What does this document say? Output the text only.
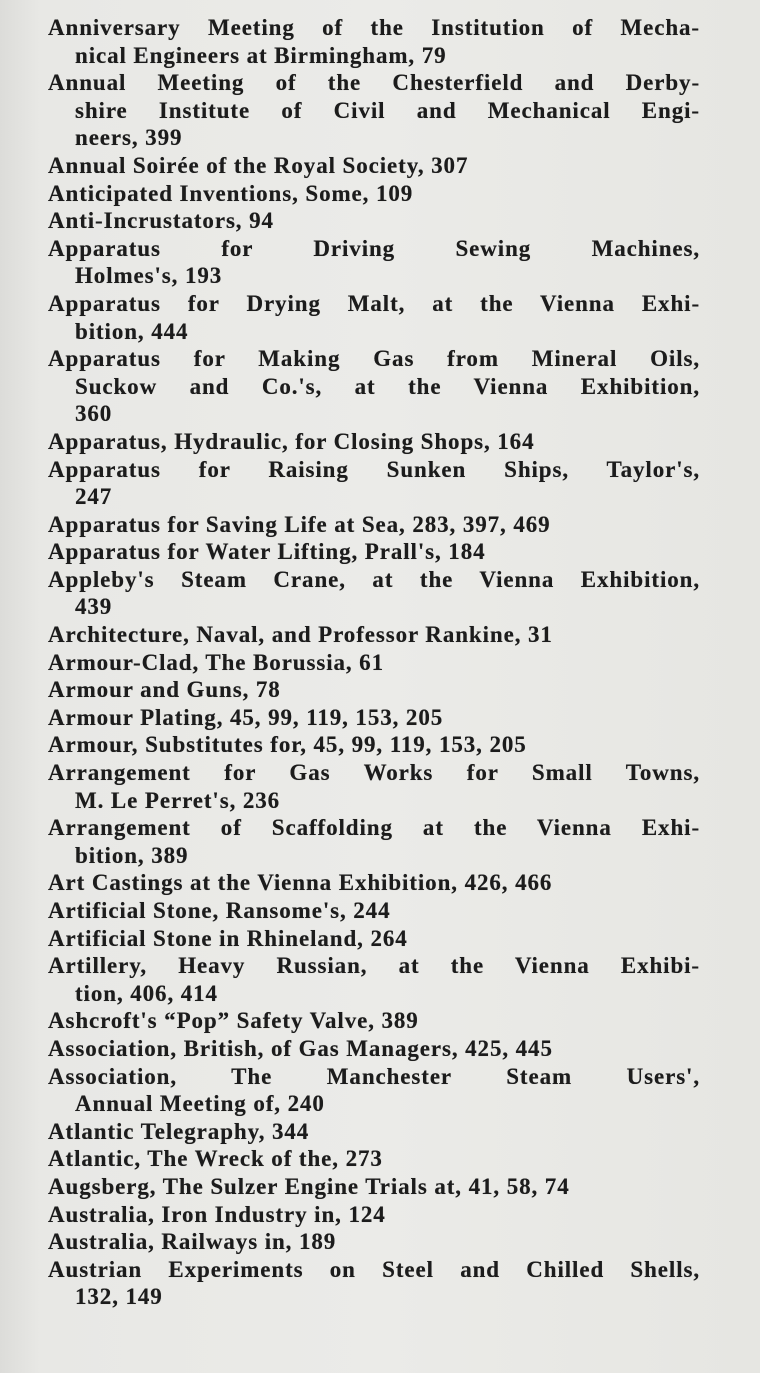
Anniversary Meeting of the Institution of Mecha-
nical Engineers at Birmingham, 79
Annual Meeting of the Chesterfield and Derby-
shire Institute of Civil and Mechanical Engi-
neers, 399
Annual Soirée of the Royal Society, 307
Anticipated Inventions, Some, 109
Anti-Incrustators, 94
Apparatus for Driving Sewing Machines,
Holmes's, 193
Apparatus for Drying Malt, at the Vienna Exhi-
bition, 444
Apparatus for Making Gas from Mineral Oils,
Suckow and Co.'s, at the Vienna Exhibition,
360
Apparatus, Hydraulic, for Closing Shops, 164
Apparatus for Raising Sunken Ships, Taylor's,
247
Apparatus for Saving Life at Sea, 283, 397, 469
Apparatus for Water Lifting, Prall's, 184
Appleby's Steam Crane, at the Vienna Exhibition,
439
Architecture, Naval, and Professor Rankine, 31
Armour-Clad, The Borussia, 61
Armour and Guns, 78
Armour Plating, 45, 99, 119, 153, 205
Armour, Substitutes for, 45, 99, 119, 153, 205
Arrangement for Gas Works for Small Towns,
M. Le Perret's, 236
Arrangement of Scaffolding at the Vienna Exhi-
bition, 389
Art Castings at the Vienna Exhibition, 426, 466
Artificial Stone, Ransome's, 244
Artificial Stone in Rhineland, 264
Artillery, Heavy Russian, at the Vienna Exhibi-
tion, 406, 414
Ashcroft's “Pop” Safety Valve, 389
Association, British, of Gas Managers, 425, 445
Association, The Manchester Steam Users',
Annual Meeting of, 240
Atlantic Telegraphy, 344
Atlantic, The Wreck of the, 273
Augsberg, The Sulzer Engine Trials at, 41, 58, 74
Australia, Iron Industry in, 124
Australia, Railways in, 189
Austrian Experiments on Steel and Chilled Shells,
132, 149
